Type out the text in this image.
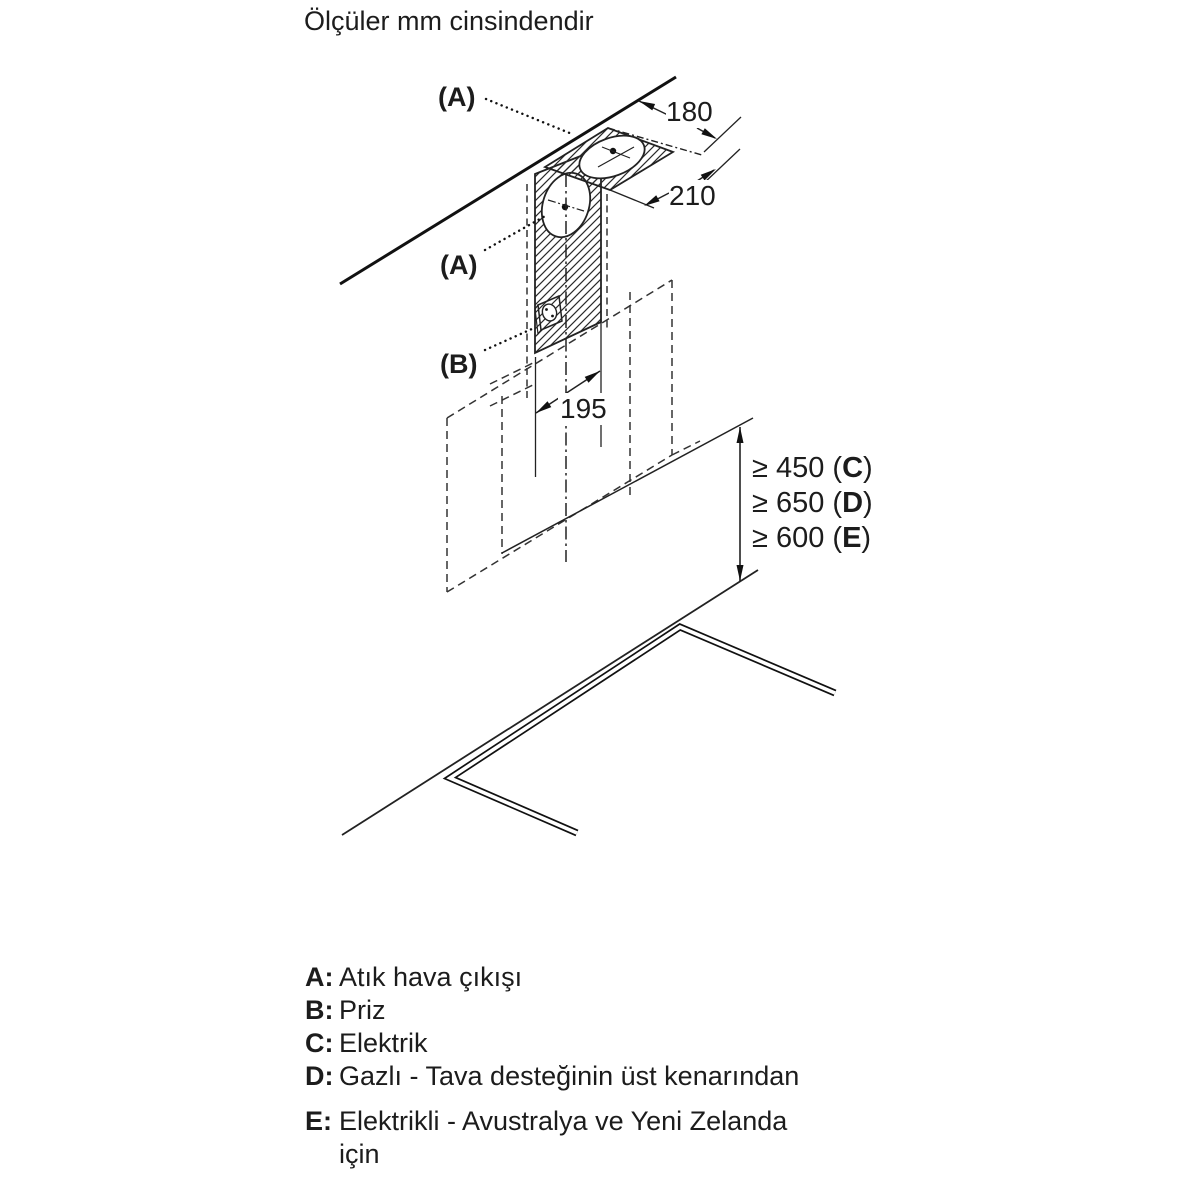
Ölçüler mm cinsindendir
(A)
(A)
(B)
180
210
195
≥ 450 (C)
≥ 650 (D)
≥ 600 (E)
A: Atık hava çıkışı
B: Priz
C: Elektrik
D: Gazlı - Tava desteğinin üst kenarından
E: Elektrikli - Avustralya ve Yeni Zelanda
için
